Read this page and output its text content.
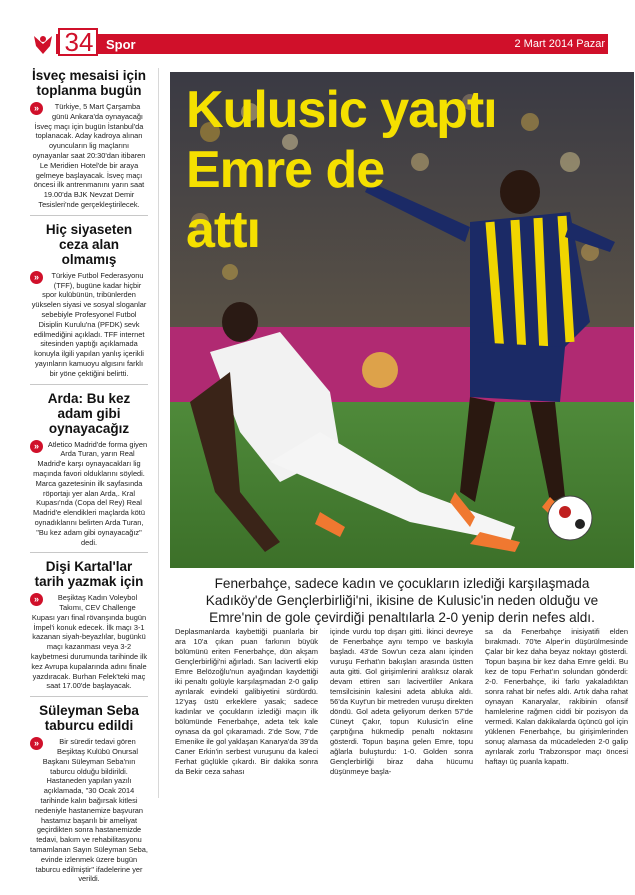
34 Spor	2 Mart 2014 Pazar
İsveç mesaisi için toplanma bugün
»	Türkiye, 5 Mart Çarşamba günü Ankara'da oynayacağı İsveç maçı için bugün İstanbul'da toplanacak. Aday kadroya alınan oyuncuların lig maçlarını oynayanlar saat 20:30'dan itibaren Le Meridien Hotel'de bir araya gelmeye başlayacak. İsveç maçı öncesi ilk antrenmanını yarın saat 19.00'da BJK Nevzat Demir Tesisleri'nde gerçekleştirilecek.
Hiç siyaseten ceza alan olmamış
»	Türkiye Futbol Federasyonu (TFF), bugüne kadar hiçbir spor kulübünün, tribünlerden yükselen siyasi ve sosyal sloganlar sebebiyle Profesyonel Futbol Disiplin Kurulu'na (PFDK) sevk edilmediğini açıkladı. TFF internet sitesinden yaptığı açıklamada konuyla ilgili yapılan yanlış içerikli yayınların kamuoyu algısını farklı bir yöne çektiğini belirtti.
Arda: Bu kez adam gibi oynayacağız
»	Atletico Madrid'de forma giyen Arda Turan, yarın Real Madrid'e karşı oynayacakları lig maçında favori olduklarını söyledi. Marca gazetesinin ilk sayfasında röportajı yer alan Arda,. Kral Kupası'nda (Copa del Rey) Real Madrid'e elendikleri maçlarda kötü oynadıklarını belirten Arda Turan, "Bu kez adam gibi oynayacağız" dedi.
Dişi Kartal'lar tarih yazmak için
»	Beşiktaş Kadın Voleybol Takımı, CEV Challenge Kupası yarı final rövanşında bugün İmpel'i konuk edecek. İlk maçı 3-1 kazanan siyah-beyazlılar, bugünkü maçı kazanması veya 3-2 kaybetmesi durumunda tarihinde ilk kez Avrupa kupalarında adını finale yazdıracak. Burhan Felek'teki maç saat 17.00'de başlayacak.
Süleyman Seba taburcu edildi
»	Bir süredir tedavi gören Beşiktaş Kulübü Onursal Başkanı Süleyman Seba'nın taburcu olduğu bildirildi. Hastaneden yapılan yazılı açıklamada, "30 Ocak 2014 tarihinde kalın bağırsak kitlesi nedeniyle hastanemize başvuran hastamız başarılı bir ameliyat geçirdikten sonra hastanemizde tedavi, bakım ve rehabilitasyonu tamamlanan Sayın Süleyman Seba, evinde izlenmek üzere bugün taburcu edilmiştir" ifadelerine yer verildi.
Kulusic yaptı
Emre de
attı
Fenerbahçe, sadece kadın ve çocukların izlediği karşılaşmada Kadıköy'de Gençlerbirliği'ni, ikisine de Kulusic'in neden olduğu ve Emre'nin de gole çevirdiği penaltılarla 2-0 yenip derin nefes aldı.
Deplasmanlarda kaybettiği puanlarla bir ara 10'a çıkan puan farkının büyük bölümünü eriten Fenerbahçe, dün akşam Gençlerbirliği'ni ağırladı. Sarı lacivertli ekip Emre Belözoğlu'nun ayağından kaydettiği iki penaltı golüyle karşılaşmadan 2-0 galip ayrılarak evindeki galibiyetini sürdürdü. 12'yaş üstü erkeklere yasak; sadece kadınlar ve çocukların izlediği maçın ilk bölümünde Fenerbahçe, adeta tek kale oynasa da gol çıkaramadı. 2'de Sow, 7'de Emenike ile gol yaklaşan Kanarya'da 39'da Caner Erkin'in serbest vuruşunu da kaleci Ferhat güçlükle çıkardı. Bir dakika sonra da Bekir ceza sahası
içinde vurdu top dışarı gitti. İkinci devreye de Fenerbahçe aynı tempo ve baskıyla başladı. 43'de Sow'un ceza alanı içinden vuruşu Ferhat'ın bakışları arasında üstten auta gitti. Gol girişimlerini aralıksız olarak devam ettiren sarı lacivertliler Ankara temsilcisinin kalesini adeta abluka aldı. 56'da Kuyt'un bir metreden vuruşu direkten döndü. Gol adeta geliyorum derken 57'de Cüneyt Çakır, topun Kulusic'in eline çarptığına hükmedip penaltı noktasını gösterdi. Topun başına gelen Emre, topu ağlarla buluşturdu: 1-0. Golden sonra Gençlerbirliği biraz daha hücumu düşünmeye başla-
sa da Fenerbahçe inisiyatifi elden bırakmadı. 70'te Alper'in düşürülmesinde Çalar bir kez daha beyaz noktayı gösterdi. Topun başına bir kez daha Emre geldi. Bu kez de topu Ferhat'ın solundan gönderdi: 2-0. Fenerbahçe, iki farkı yakaladıktan sonra rahat bir nefes aldı. Artık daha rahat oynayan Kanaryalar, rakibinin ofansif hamlelerine rağmen ciddi bir pozisyon da vermedi. Kalan dakikalarda üçüncü gol için yüklenen Fenerbahçe, bu girişimlerinden sonuç alamasa da mücadeleden 2-0 galip ayrılarak zorlu Trabzonspor maçı öncesi haftayı üç puanla kapattı.
